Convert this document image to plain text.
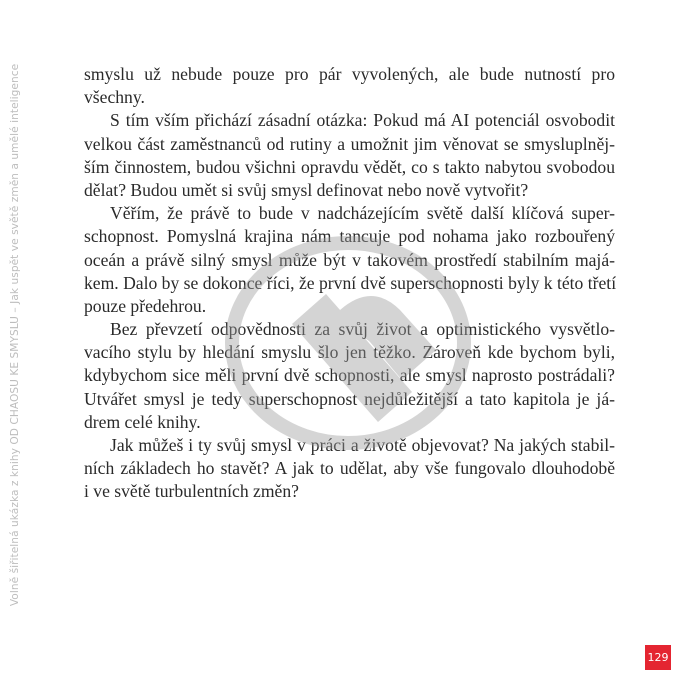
Volně šiřitelná ukázka z knihy OD CHAOSU KE SMYSLU – Jak uspět ve světě změn a umělé inteligence	smyslu už nebude pouze pro pár vyvolených, ale bude nutností pro
všechny.
S tím vším přichází zásadní otázka: Pokud má AI potenciál osvobodit
velkou část zaměstnanců od rutiny a umožnit jim věnovat se smysluplněj-
ším činnostem, budou všichni opravdu vědět, co s takto nabytou svobodou
dělat? Budou umět si svůj smysl definovat nebo nově vytvořit?
Věřím, že právě to bude v nadcházejícím světě další klíčová super-
schopnost. Pomyslná krajina nám tancuje pod nohama jako rozbouřený
oceán a právě silný smysl může být v takovém prostředí stabilním majá-
kem. Dalo by se dokonce říci, že první dvě superschopnosti byly k této třetí
pouze předehrou.
Bez převzetí odpovědnosti za svůj život a optimistického vysvětlo-
vacího stylu by hledání smyslu šlo jen těžko. Zároveň kde bychom byli,
kdybychom sice měli první dvě schopnosti, ale smysl naprosto postrádali?
Utvářet smysl je tedy superschopnost nejdůležitější a tato kapitola je já-
drem celé knihy.
Jak můžeš i ty svůj smysl v práci a životě objevovat? Na jakých stabil-
ních základech ho stavět? A jak to udělat, aby vše fungovalo dlouhodobě
i ve světě turbulentních změn?
129
